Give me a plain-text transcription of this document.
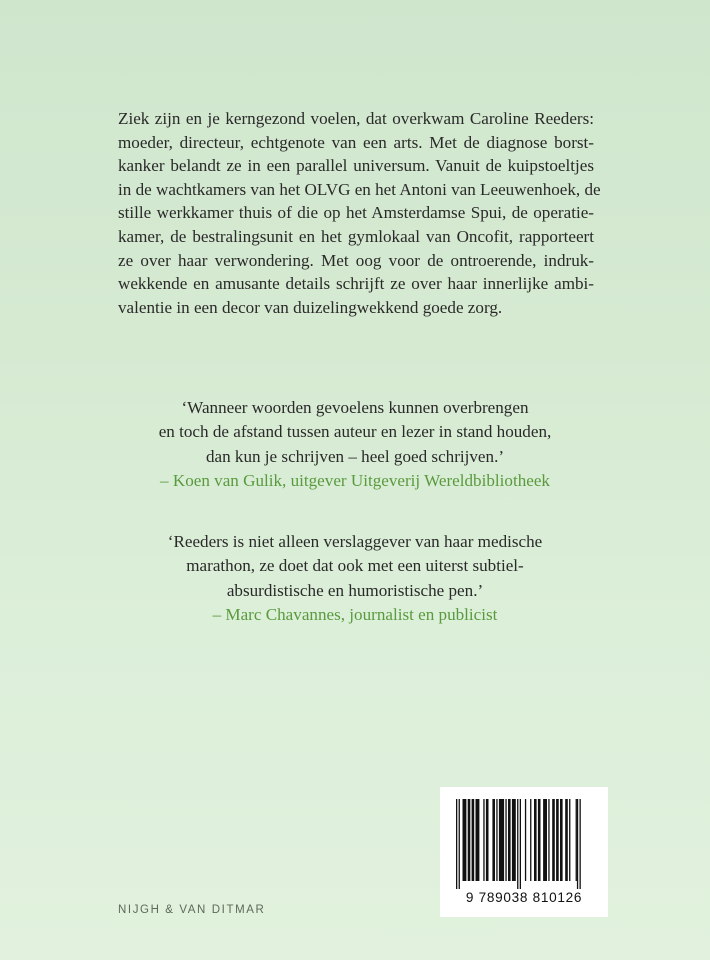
Ziek zijn en je kerngezond voelen, dat overkwam Caroline Reeders:
moeder, directeur, echtgenote van een arts. Met de diagnose borst-
kanker belandt ze in een parallel universum. Vanuit de kuipstoeltjes
in de wachtkamers van het OLVG en het Antoni van Leeuwenhoek, de
stille werkkamer thuis of die op het Amsterdamse Spui, de operatie-
kamer, de bestralingsunit en het gymlokaal van Oncofit, rapporteert
ze over haar verwondering. Met oog voor de ontroerende, indruk-
wekkende en amusante details schrijft ze over haar innerlijke ambi-
valentie in een decor van duizelingwekkend goede zorg.
‘Wanneer woorden gevoelens kunnen overbrengen
en toch de afstand tussen auteur en lezer in stand houden,
dan kun je schrijven – heel goed schrijven.’
– Koen van Gulik, uitgever Uitgeverij Wereldbibliotheek
‘Reeders is niet alleen verslaggever van haar medische
marathon, ze doet dat ook met een uiterst subtiel-
absurdistische en humoristische pen.’
– Marc Chavannes, journalist en publicist
NIJGH & VAN DITMAR
9 789038 810126
